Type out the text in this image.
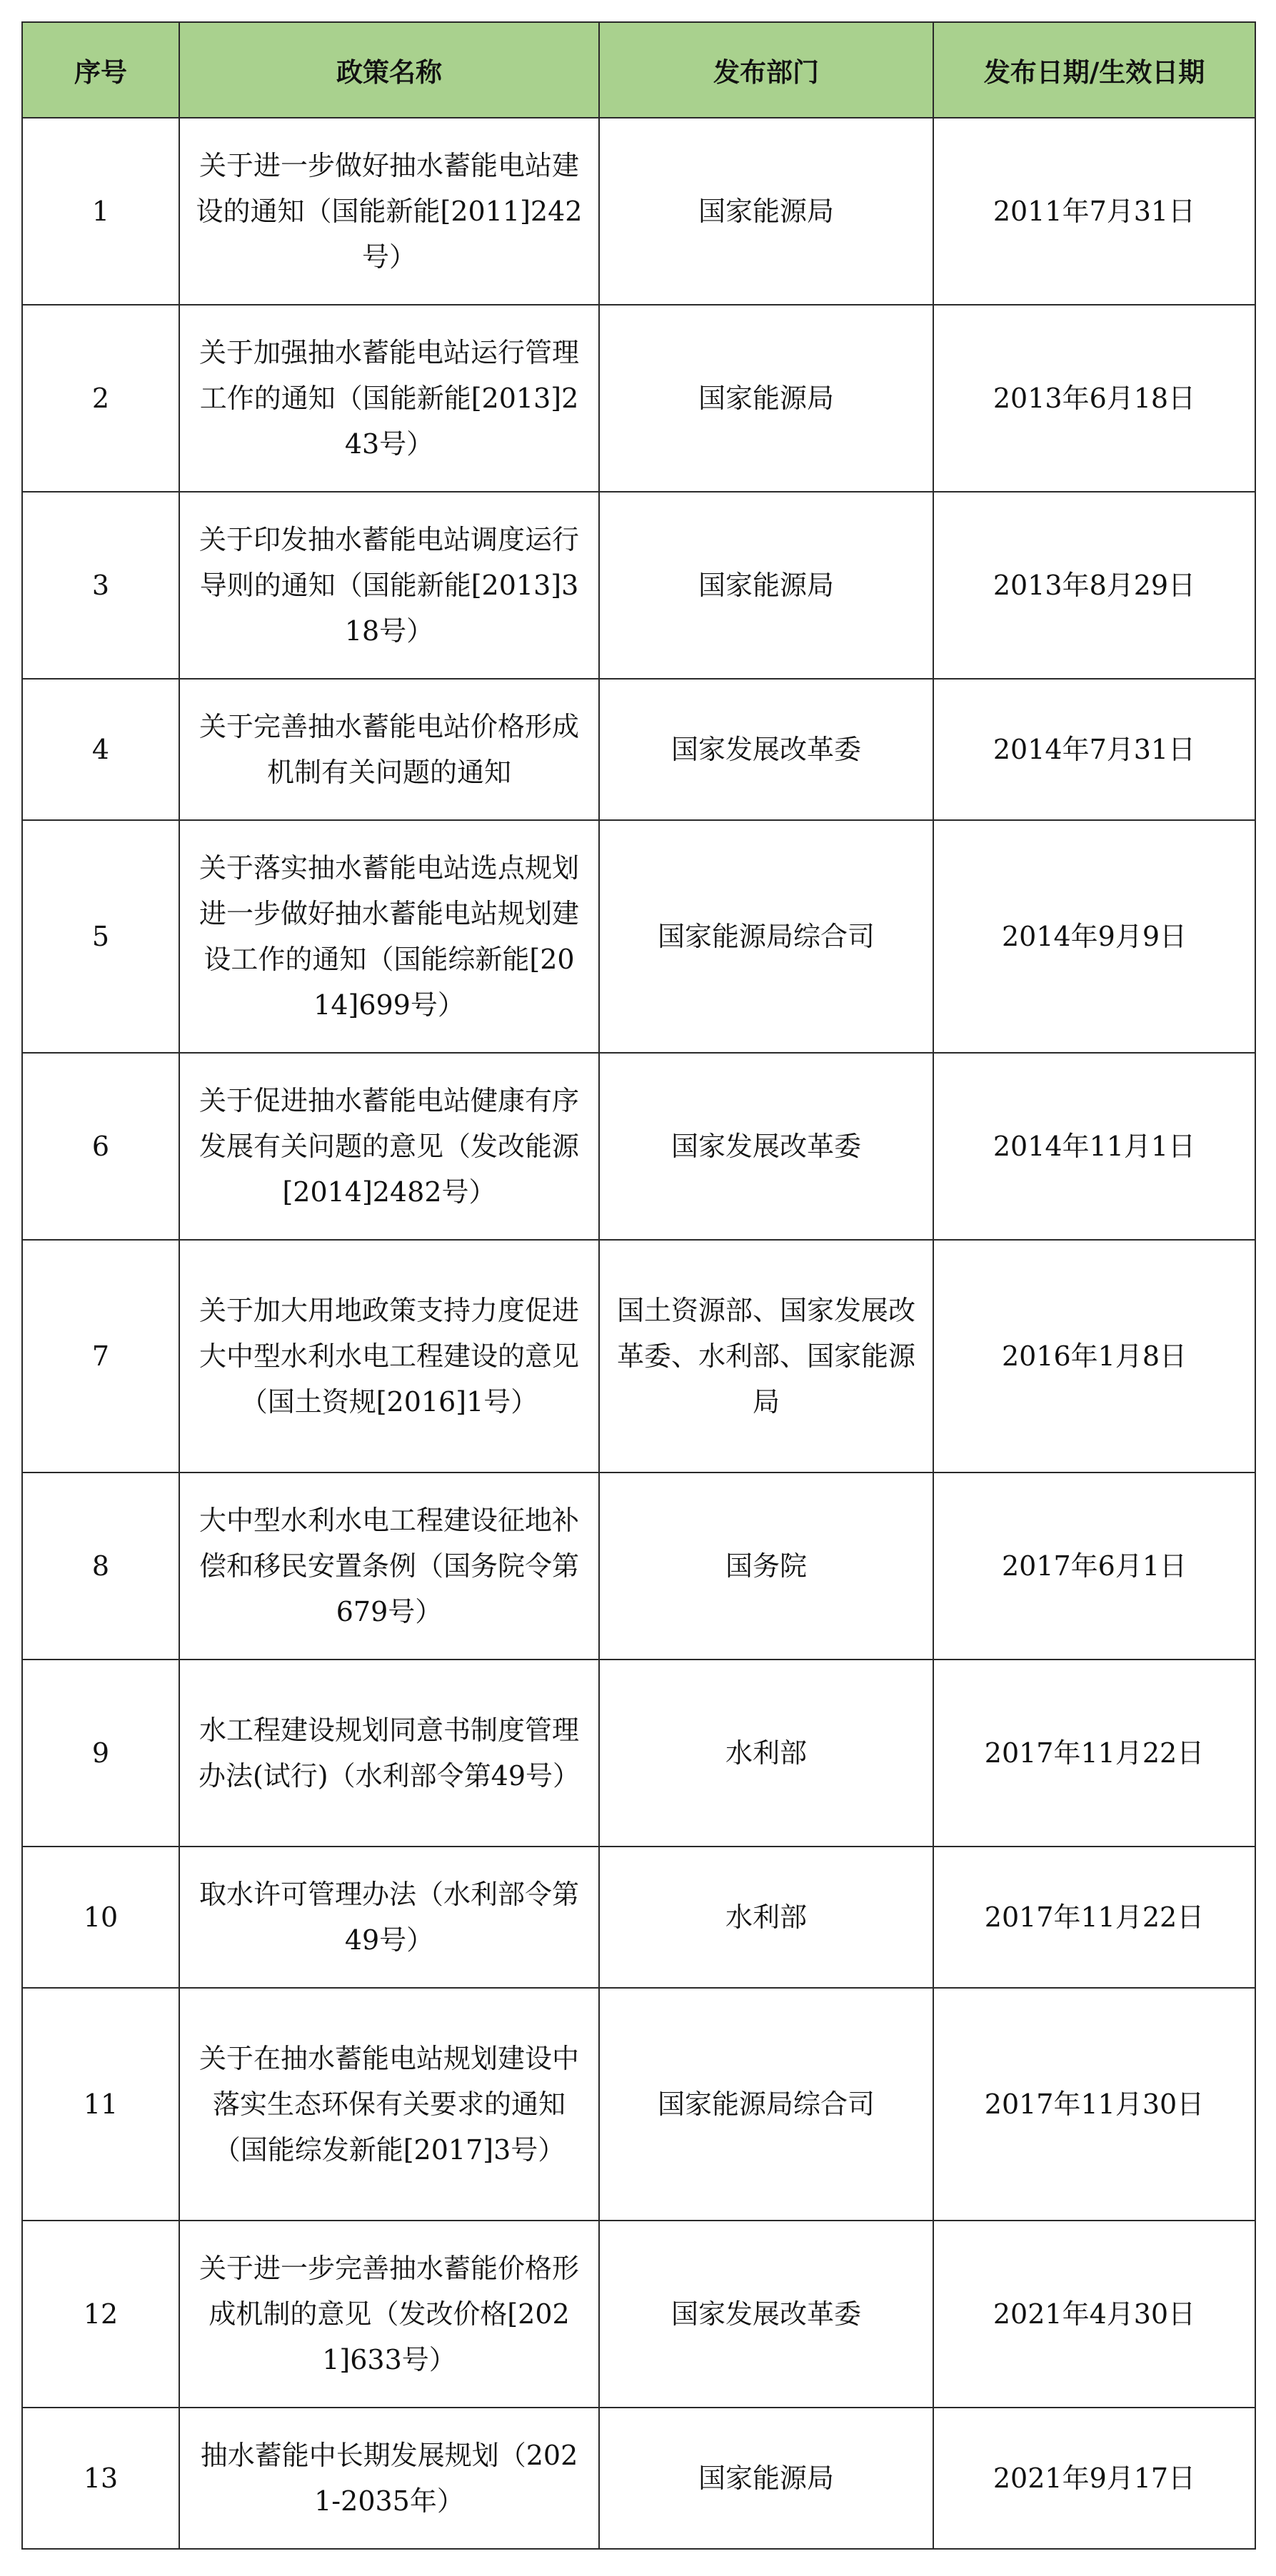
序号	政策名称	发布部门	发布日期/生效日期
1	关于进一步做好抽水蓄能电站建设的通知（国能新能[2011]242号）	国家能源局	2011年7月31日
2	关于加强抽水蓄能电站运行管理工作的通知（国能新能[2013]243号）	国家能源局	2013年6月18日
3	关于印发抽水蓄能电站调度运行导则的通知（国能新能[2013]318号）	国家能源局	2013年8月29日
4	关于完善抽水蓄能电站价格形成机制有关问题的通知	国家发展改革委	2014年7月31日
5	关于落实抽水蓄能电站选点规划进一步做好抽水蓄能电站规划建设工作的通知（国能综新能[2014]699号）	国家能源局综合司	2014年9月9日
6	关于促进抽水蓄能电站健康有序发展有关问题的意见（发改能源[2014]2482号）	国家发展改革委	2014年11月1日
7	关于加大用地政策支持力度促进大中型水利水电工程建设的意见（国土资规[2016]1号）	国土资源部、国家发展改革委、水利部、国家能源局	2016年1月8日
8	大中型水利水电工程建设征地补偿和移民安置条例（国务院令第679号）	国务院	2017年6月1日
9	水工程建设规划同意书制度管理办法(试行)（水利部令第49号）	水利部	2017年11月22日
10	取水许可管理办法（水利部令第49号）	水利部	2017年11月22日
11	关于在抽水蓄能电站规划建设中落实生态环保有关要求的通知（国能综发新能[2017]3号）	国家能源局综合司	2017年11月30日
12	关于进一步完善抽水蓄能价格形成机制的意见（发改价格[2021]633号）	国家发展改革委	2021年4月30日
13	抽水蓄能中长期发展规划（2021-2035年）	国家能源局	2021年9月17日
